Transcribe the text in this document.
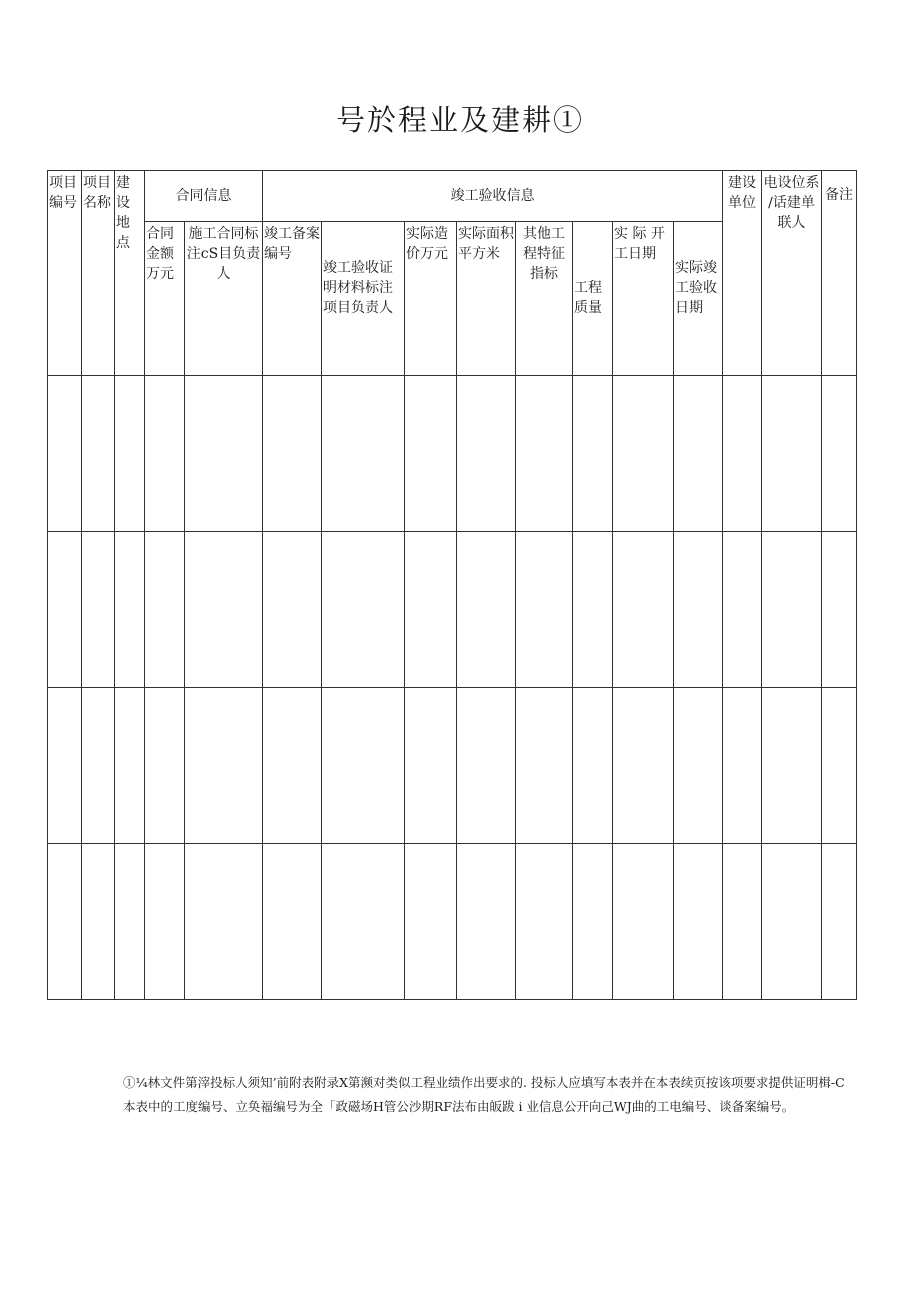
号於程业及建耕①
项目编号	项目名称	建设地点	合同信息		竣工验收信息								建设单位	电设位系∕话建单联人	备注
			合同金额万元	施工合同标注cS目负责人	竣工备案编号	竣工验收证明材料标注项目负责人	实际造价万元	实际面积平方米	其他工程特征指标	工程质量	实 际 开工日期	实际竣工验收日期			

①¼林文件第滓投标人须知’前附表附录X第濒对类似工程业绩作出要求的. 投标人应填写本表并在本表续页按该项要求提供证明楫-C
本表中的工度编号、立奂福编号为全「政磁场H管公沙期RF法布由皈跋 i 业信息公开向己WJ曲的工电编号、谈备案编号。
